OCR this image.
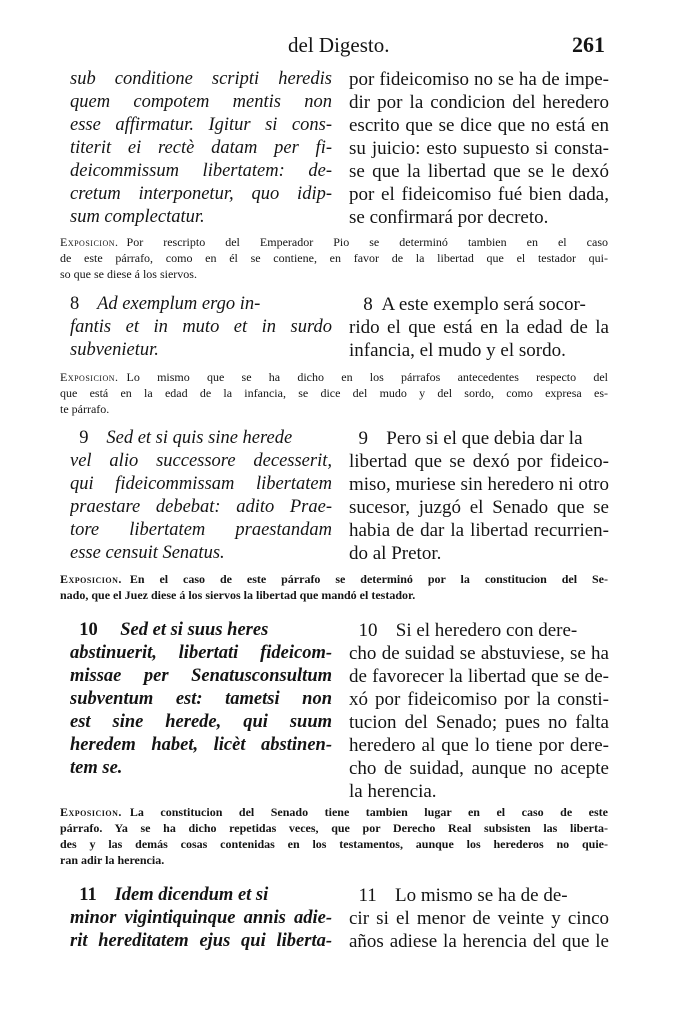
del Digesto.	261
sub conditione scripti heredis
quem compotem mentis non
esse affirmatur. Igitur si cons-
titerit ei rectè datam per fi-
deicommissum libertatem: de-
cretum interponetur, quo idip-
sum complectatur.
por fideicomiso no se ha de impe-
dir por la condicion del heredero
escrito que se dice que no está en
su juicio: esto supuesto si consta-
se que la libertad que se le dexó
por el fideicomiso fué bien dada,
se confirmará por decreto.
Exposicion. Por rescripto del Emperador Pio se determinó tambien en el caso
de este párrafo, como en él se contiene, en favor de la libertad que el testador qui-
so que se diese á los siervos.
8 Ad exemplum ergo in-
fantis et in muto et in surdo
subvenietur.
8 A este exemplo será socor-
rido el que está en la edad de la
infancia, el mudo y el sordo.
Exposicion. Lo mismo que se ha dicho en los párrafos antecedentes respecto del
que está en la edad de la infancia, se dice del mudo y del sordo, como expresa es-
te párrafo.
9 Sed et si quis sine herede
vel alio successore decesserit,
qui fideicommissam libertatem
praestare debebat: adito Prae-
tore libertatem praestandam
esse censuit Senatus.
9 Pero si el que debia dar la
libertad que se dexó por fideico-
miso, muriese sin heredero ni otro
sucesor, juzgó el Senado que se
habia de dar la libertad recurrien-
do al Pretor.
Exposicion. En el caso de este párrafo se determinó por la constitucion del Se-
nado, que el Juez diese á los siervos la libertad que mandó el testador.
10 Sed et si suus heres
abstinuerit, libertati fideicom-
missae per Senatusconsultum
subventum est: tametsi non
est sine herede, qui suum
heredem habet, licèt abstinen-
tem se.
10 Si el heredero con dere-
cho de suidad se abstuviese, se ha
de favorecer la libertad que se de-
xó por fideicomiso por la consti-
tucion del Senado; pues no falta
heredero al que lo tiene por dere-
cho de suidad, aunque no acepte
la herencia.
Exposicion. La constitucion del Senado tiene tambien lugar en el caso de este
párrafo. Ya se ha dicho repetidas veces, que por Derecho Real subsisten las liberta-
des y las demás cosas contenidas en los testamentos, aunque los herederos no quie-
ran adir la herencia.
11 Idem dicendum et si
minor vigintiquinque annis adie-
rit hereditatem ejus qui liberta-
11 Lo mismo se ha de de-
cir si el menor de veinte y cinco
años adiese la herencia del que le
